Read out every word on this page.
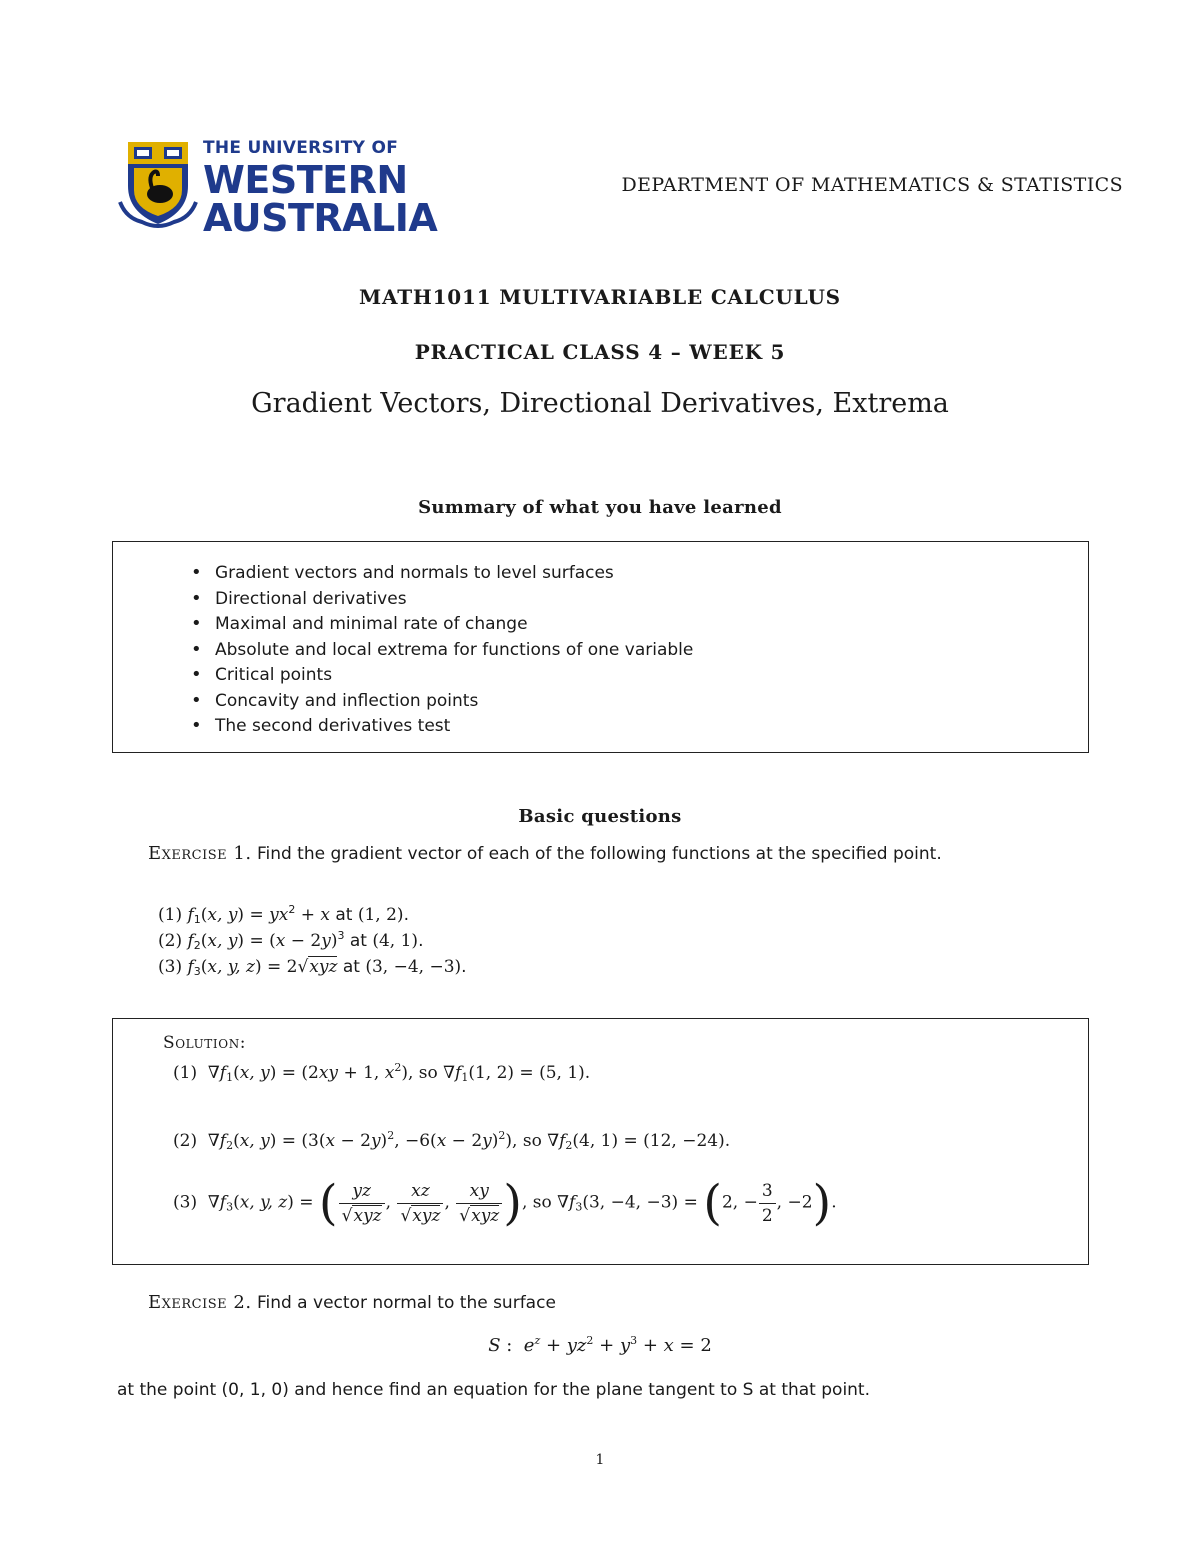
THE UNIVERSITY OF
WESTERN
AUSTRALIA
DEPARTMENT OF MATHEMATICS & STATISTICS
MATH1011 MULTIVARIABLE CALCULUS
PRACTICAL CLASS 4 – WEEK 5
Gradient Vectors, Directional Derivatives, Extrema
Summary of what you have learned
• Gradient vectors and normals to level surfaces
• Directional derivatives
• Maximal and minimal rate of change
• Absolute and local extrema for functions of one variable
• Critical points
• Concavity and inflection points
• The second derivatives test
Basic questions
Exercise 1. Find the gradient vector of each of the following functions at the specified point.
(1) $f_1(x$, $y) = yx^2 + x$ at (1, 2).
(2) $f_2(x$, $y) = (x - 2y)^3$ at (4, 1).
(3) $f_3(x$, y, z) = 2√xyz at (3, −4, −3).
Solution:
(1)  $\nabla f_1(x$, y) = (2xy + 1, $x^2$), so $\nabla f_1(1$, 2) = (5, 1).
(2)  $\nabla f_2(x$, $y) = (3(x - 2y)^2$, $-6(x - 2y)^2$), so $\nabla f_2(4$, 1) = (12, −24).
(3)  $\nabla f_3(x$, y, z) = ( $\frac{yz}{\text{√xyz}}$ , $\frac{xz}{\text{√xyz}}$ , $\frac{xy}{\text{√xyz}}$ ), so $\nabla f_3(3$, −4, −3) = (2, − $\frac{3}{2}$ , −2).
Exercise 2. Find a vector normal to the surface
S :  $e^z + yz^2 + y^3 + x = 2$
at the point (0, 1, 0) and hence find an equation for the plane tangent to S at that point.
1
